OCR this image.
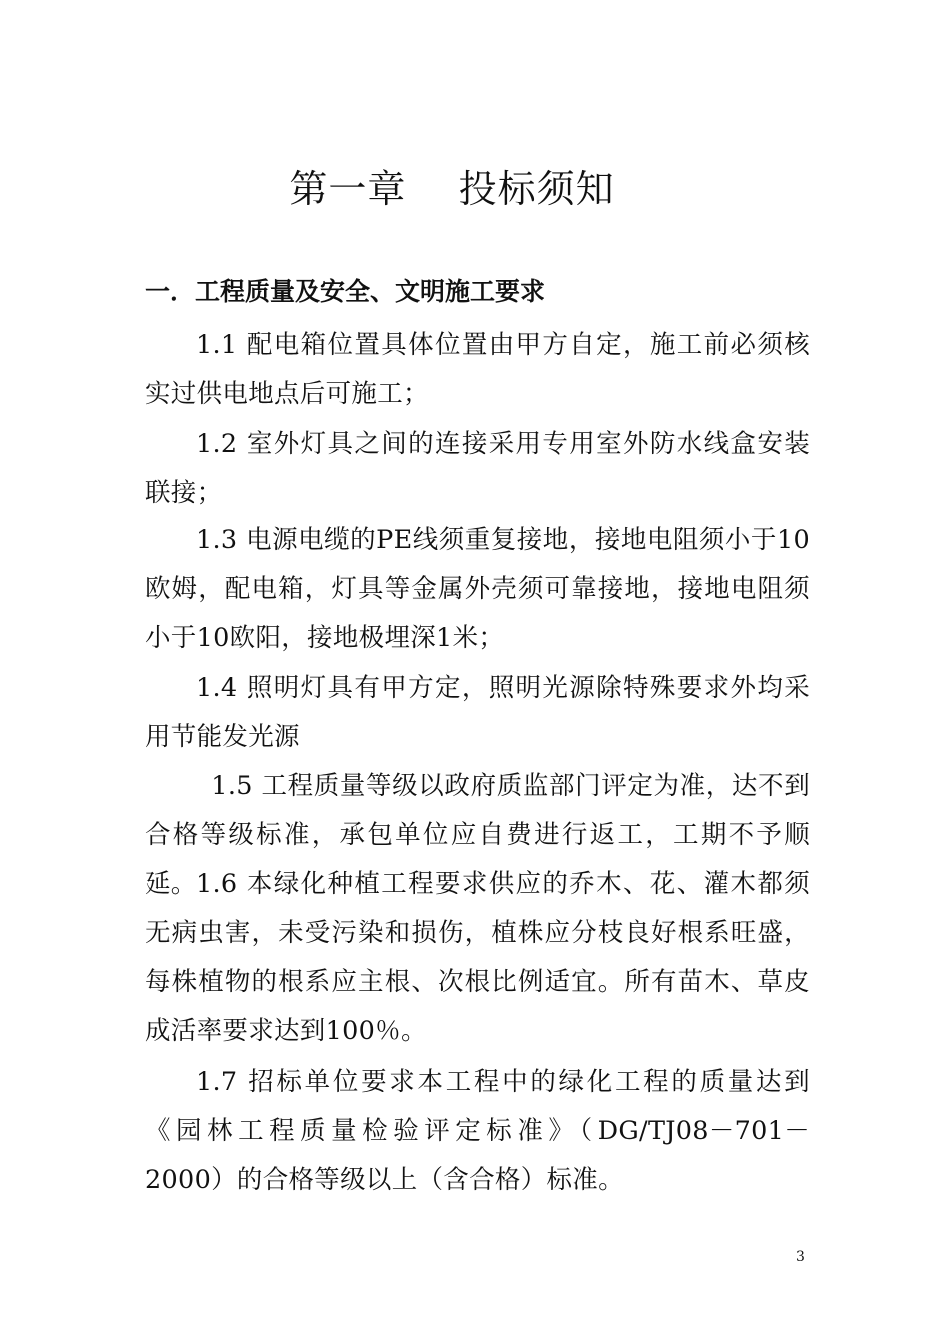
第一章    投标须知
一．工程质量及安全、文明施工要求

1.1 配电箱位置具体位置由甲方自定，施工前必须核实过供电地点后可施工；

1.2 室外灯具之间的连接采用专用室外防水线盒安装联接；

1.3 电源电缆的PE线须重复接地，接地电阻须小于10欧姆，配电箱，灯具等金属外壳须可靠接地，接地电阻须小于10欧阳，接地极埋深1米；

1.4 照明灯具有甲方定，照明光源除特殊要求外均采用节能发光源

1.5 工程质量等级以政府质监部门评定为准，达不到合格等级标准，承包单位应自费进行返工，工期不予顺延。 1.6 本绿化种植工程要求供应的乔木、花、灌木都须无病虫害，未受污染和损伤，植株应分枝良好根系旺盛，每株植物的根系应主根、次根比例适宜。所有苗木、草皮成活率要求达到100％。

1.7 招标单位要求本工程中的绿化工程的质量达到《园林工程质量检验评定标准》（DG/TJ08－701－2000）的合格等级以上（含合格）标准。

3
